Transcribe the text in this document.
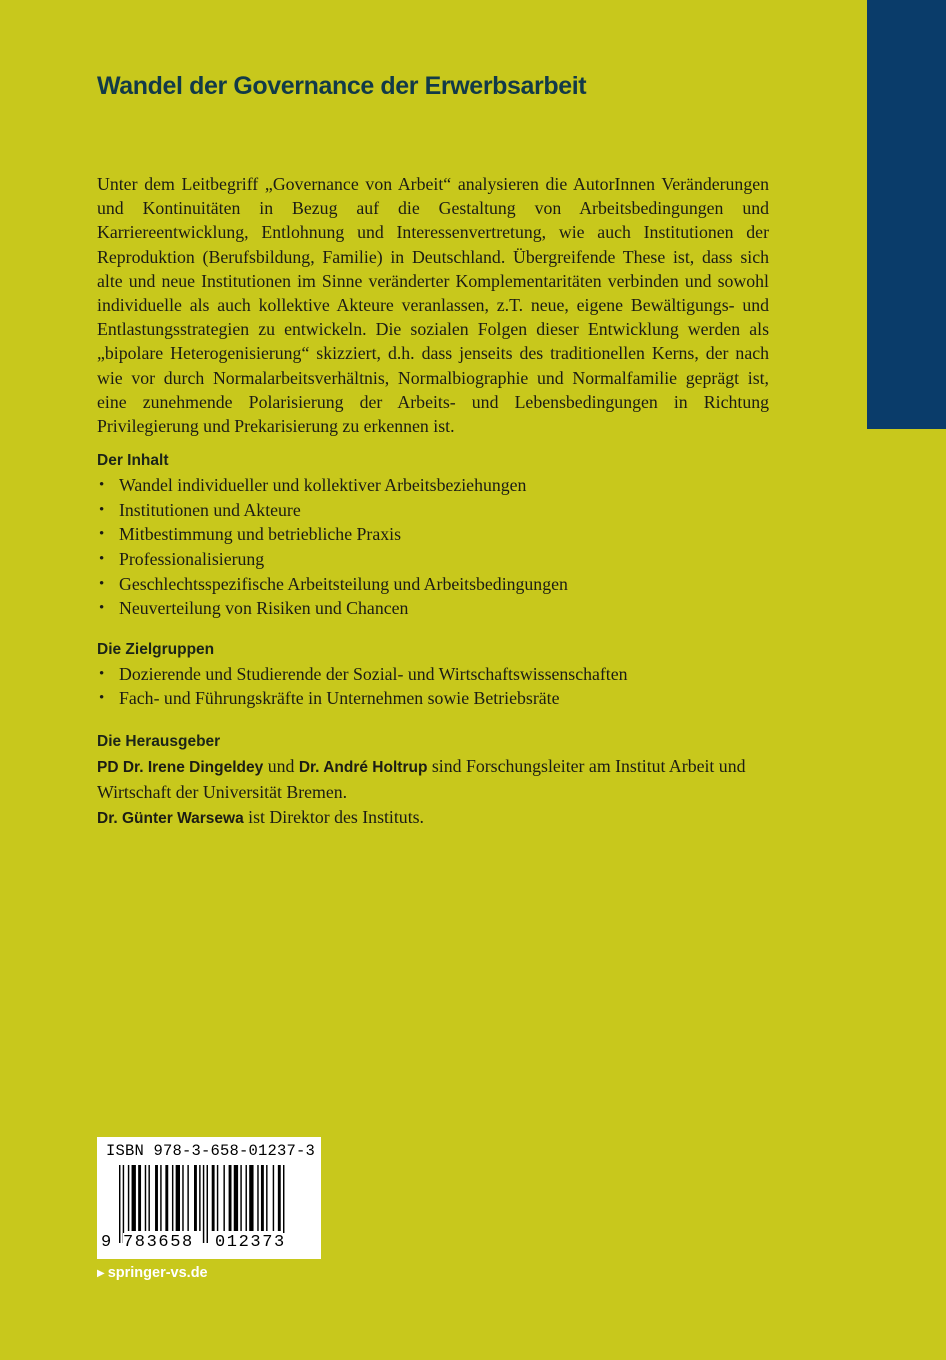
Wandel der Governance der Erwerbsarbeit

Unter dem Leitbegriff „Governance von Arbeit“ analysieren die AutorInnen Veränderungen und Kontinuitäten in Bezug auf die Gestaltung von Arbeitsbedingungen und Karriereentwicklung, Entlohnung und Interessenvertretung, wie auch Institutionen der Reproduktion (Berufsbildung, Familie) in Deutschland. Übergreifende These ist, dass sich alte und neue Institutionen im Sinne veränderter Komplementaritäten verbinden und sowohl individuelle als auch kollektive Akteure veranlassen, z.T. neue, eigene Bewältigungs- und Entlastungsstrategien zu entwickeln. Die sozialen Folgen dieser Entwicklung werden als „bipolare Heterogenisierung“ skizziert, d.h. dass jenseits des traditionellen Kerns, der nach wie vor durch Normalarbeitsverhältnis, Normalbiographie und Normalfamilie geprägt ist, eine zunehmende Polarisierung der Arbeits- und Lebensbedingungen in Richtung Privilegierung und Prekarisierung zu erkennen ist.

Der Inhalt
• Wandel individueller und kollektiver Arbeitsbeziehungen
• Institutionen und Akteure
• Mitbestimmung und betriebliche Praxis
• Professionalisierung
• Geschlechtsspezifische Arbeitsteilung und Arbeitsbedingungen
• Neuverteilung von Risiken und Chancen
Die Zielgruppen
• Dozierende und Studierende der Sozial- und Wirtschaftswissenschaften
• Fach- und Führungskräfte in Unternehmen sowie Betriebsräte
Die Herausgeber

PD Dr. Irene Dingeldey und Dr. André Holtrup sind Forschungsleiter am Institut Arbeit und Wirtschaft der Universität Bremen.

Dr. Günter Warsewa ist Direktor des Instituts.

ISBN 978-3-658-01237-3
9 783658 012373
▶ springer-vs.de
